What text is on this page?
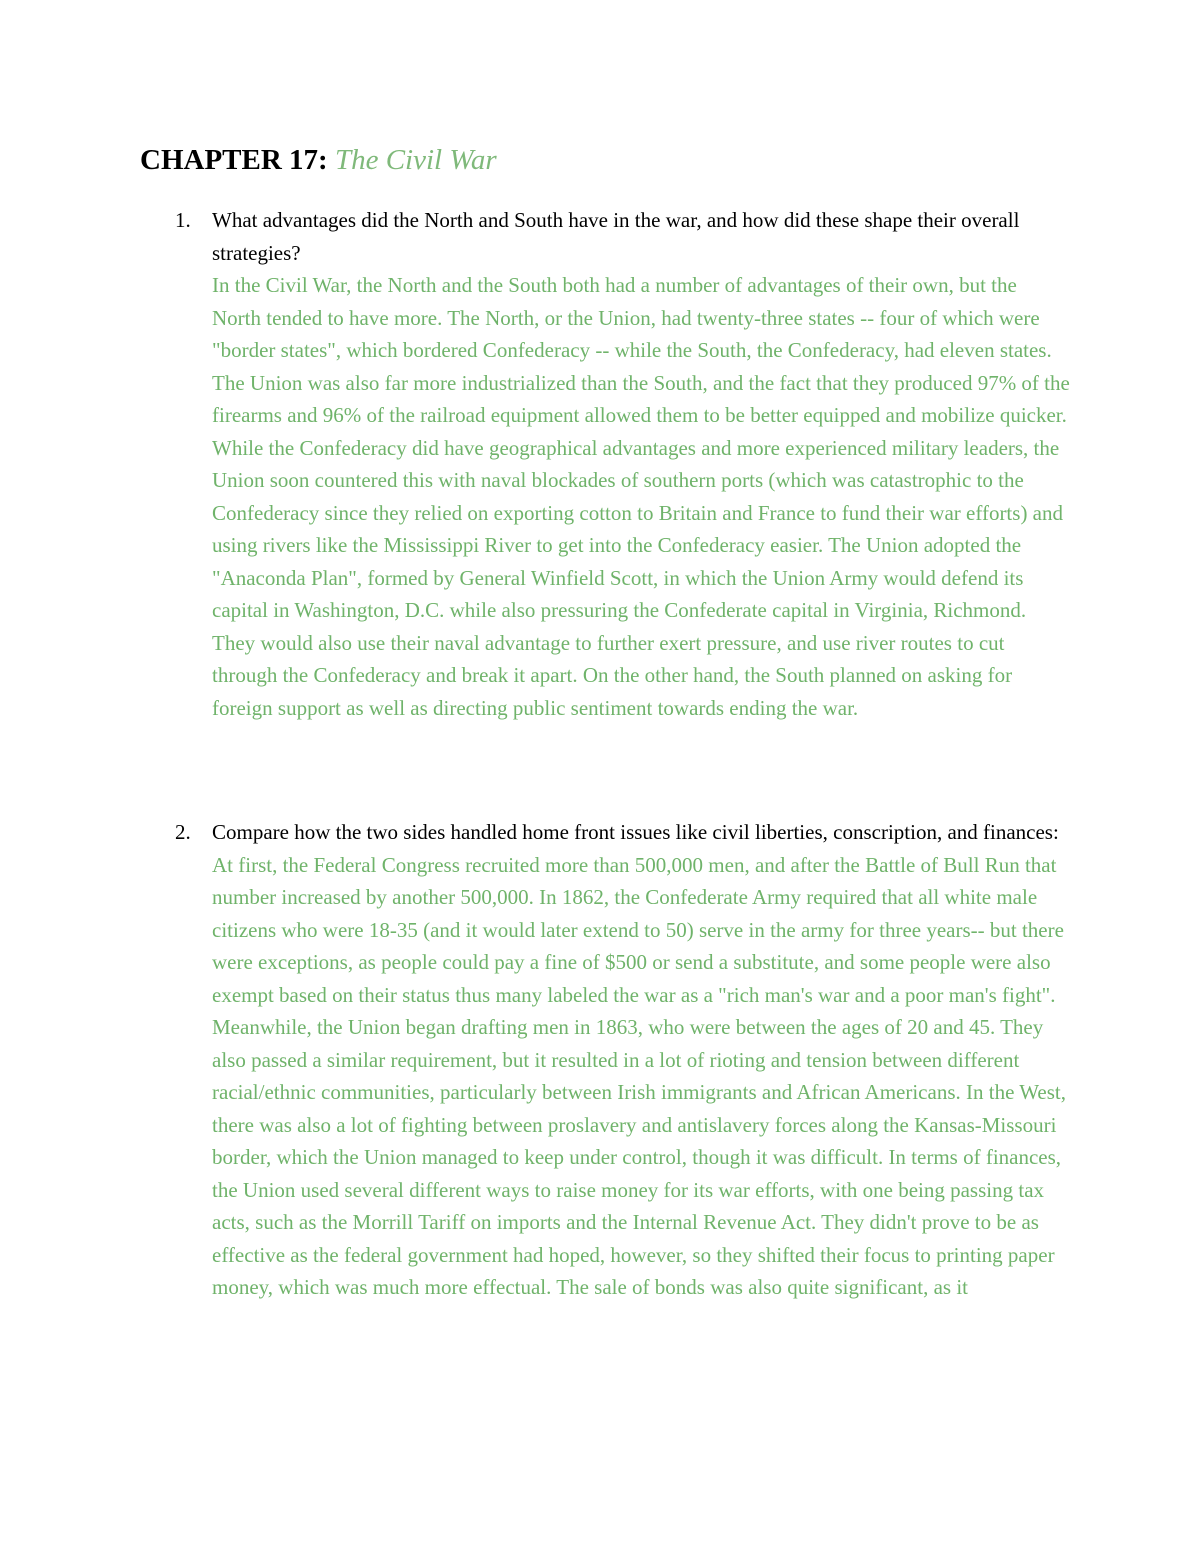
CHAPTER 17: The Civil War
1. What advantages did the North and South have in the war, and how did these shape their overall strategies?

In the Civil War, the North and the South both had a number of advantages of their own, but the North tended to have more. The North, or the Union, had twenty-three states -- four of which were "border states", which bordered Confederacy -- while the South, the Confederacy, had eleven states. The Union was also far more industrialized than the South, and the fact that they produced 97% of the firearms and 96% of the railroad equipment allowed them to be better equipped and mobilize quicker. While the Confederacy did have geographical advantages and more experienced military leaders, the Union soon countered this with naval blockades of southern ports (which was catastrophic to the Confederacy since they relied on exporting cotton to Britain and France to fund their war efforts) and using rivers like the Mississippi River to get into the Confederacy easier. The Union adopted the "Anaconda Plan", formed by General Winfield Scott, in which the Union Army would defend its capital in Washington, D.C. while also pressuring the Confederate capital in Virginia, Richmond. They would also use their naval advantage to further exert pressure, and use river routes to cut through the Confederacy and break it apart. On the other hand, the South planned on asking for foreign support as well as directing public sentiment towards ending the war.

2. Compare how the two sides handled home front issues like civil liberties, conscription, and finances:

At first, the Federal Congress recruited more than 500,000 men, and after the Battle of Bull Run that number increased by another 500,000. In 1862, the Confederate Army required that all white male citizens who were 18-35 (and it would later extend to 50) serve in the army for three years-- but there were exceptions, as people could pay a fine of $500 or send a substitute, and some people were also exempt based on their status thus many labeled the war as a "rich man's war and a poor man's fight". Meanwhile, the Union began drafting men in 1863, who were between the ages of 20 and 45. They also passed a similar requirement, but it resulted in a lot of rioting and tension between different racial/ethnic communities, particularly between Irish immigrants and African Americans. In the West, there was also a lot of fighting between proslavery and antislavery forces along the Kansas-Missouri border, which the Union managed to keep under control, though it was difficult. In terms of finances, the Union used several different ways to raise money for its war efforts, with one being passing tax acts, such as the Morrill Tariff on imports and the Internal Revenue Act. They didn't prove to be as effective as the federal government had hoped, however, so they shifted their focus to printing paper money, which was much more effectual. The sale of bonds was also quite significant, as it
